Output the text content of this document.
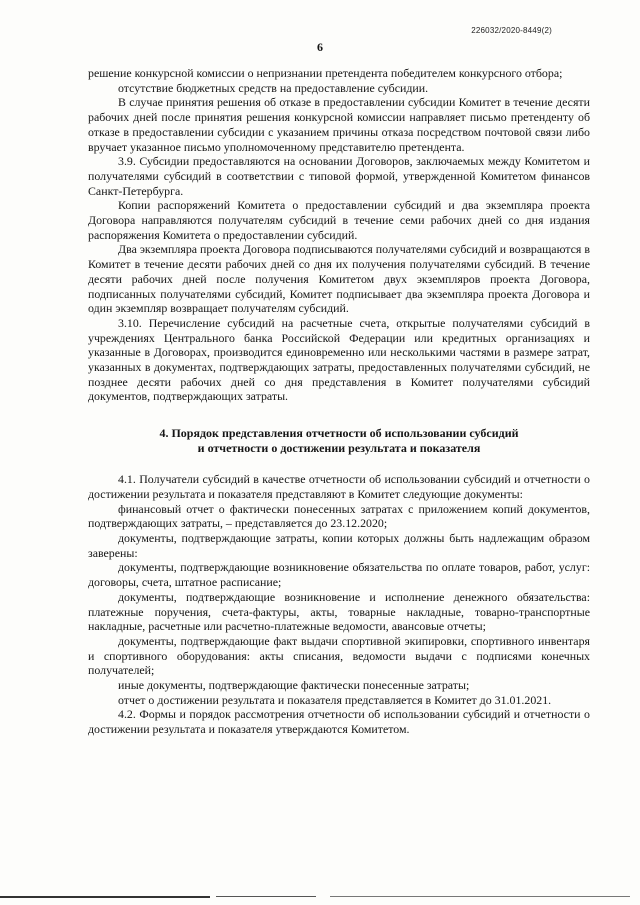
226032/2020-8449(2)
6

решение конкурсной комиссии о непризнании претендента победителем конкурсного отбора;

отсутствие бюджетных средств на предоставление субсидии.

В случае принятия решения об отказе в предоставлении субсидии Комитет в течение десяти рабочих дней после принятия решения конкурсной комиссии направляет письмо претенденту об отказе в предоставлении субсидии с указанием причины отказа посредством почтовой связи либо вручает указанное письмо уполномоченному представителю претендента.

3.9. Субсидии предоставляются на основании Договоров, заключаемых между Комитетом и получателями субсидий в соответствии с типовой формой, утвержденной Комитетом финансов Санкт-Петербурга.

Копии распоряжений Комитета о предоставлении субсидий и два экземпляра проекта Договора направляются получателям субсидий в течение семи рабочих дней со дня издания распоряжения Комитета о предоставлении субсидий.

Два экземпляра проекта Договора подписываются получателями субсидий и возвращаются в Комитет в течение десяти рабочих дней со дня их получения получателями субсидий. В течение десяти рабочих дней после получения Комитетом двух экземпляров проекта Договора, подписанных получателями субсидий, Комитет подписывает два экземпляра проекта Договора и один экземпляр возвращает получателям субсидий.

3.10. Перечисление субсидий на расчетные счета, открытые получателями субсидий в учреждениях Центрального банка Российской Федерации или кредитных организациях и указанные в Договорах, производится единовременно или несколькими частями в размере затрат, указанных в документах, подтверждающих затраты, предоставленных получателями субсидий, не позднее десяти рабочих дней со дня представления в Комитет получателями субсидий документов, подтверждающих затраты.

4. Порядок представления отчетности об использовании субсидий
и отчетности о достижении результата и показателя

4.1. Получатели субсидий в качестве отчетности об использовании субсидий и отчетности о достижении результата и показателя представляют в Комитет следующие документы:

финансовый отчет о фактически понесенных затратах с приложением копий документов, подтверждающих затраты, – представляется до 23.12.2020;

документы, подтверждающие затраты, копии которых должны быть надлежащим образом заверены:

документы, подтверждающие возникновение обязательства по оплате товаров, работ, услуг: договоры, счета, штатное расписание;

документы, подтверждающие возникновение и исполнение денежного обязательства: платежные поручения, счета-фактуры, акты, товарные накладные, товарно-транспортные накладные, расчетные или расчетно-платежные ведомости, авансовые отчеты;

документы, подтверждающие факт выдачи спортивной экипировки, спортивного инвентаря и спортивного оборудования: акты списания, ведомости выдачи с подписями конечных получателей;

иные документы, подтверждающие фактически понесенные затраты;

отчет о достижении результата и показателя представляется в Комитет до 31.01.2021.

4.2. Формы и порядок рассмотрения отчетности об использовании субсидий и отчетности о достижении результата и показателя утверждаются Комитетом.
